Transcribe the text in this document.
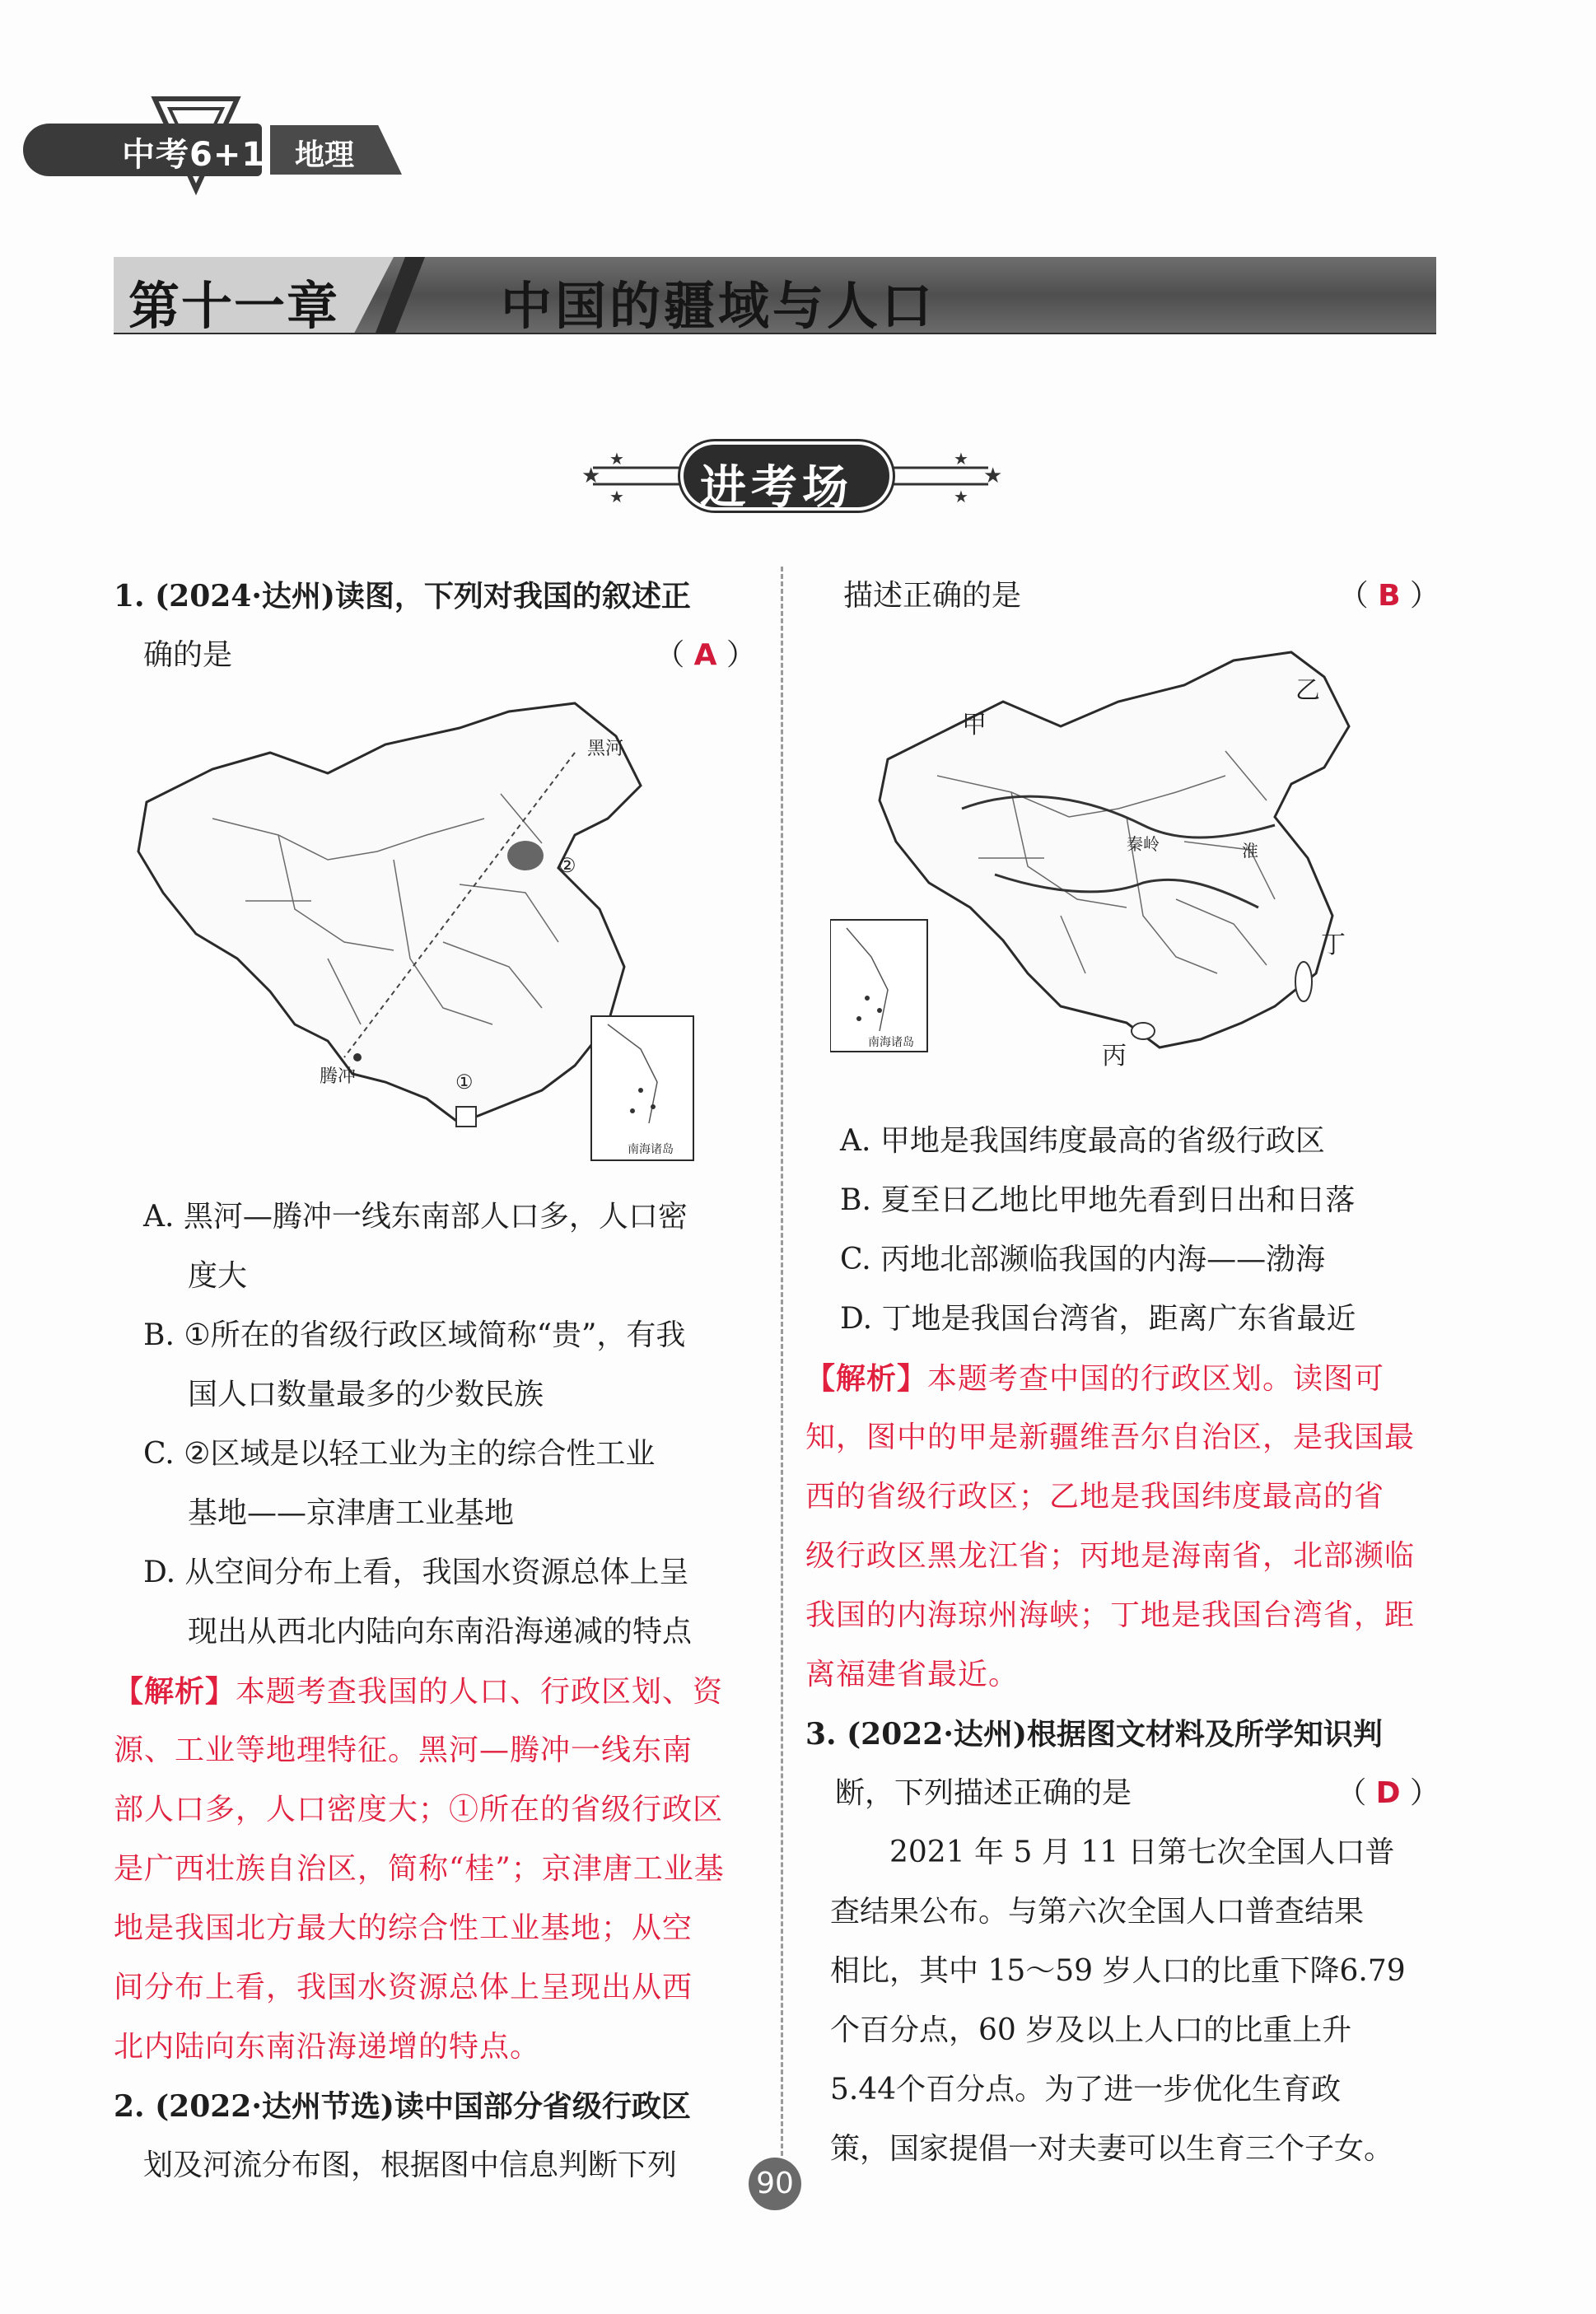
中考6+1 地理
第十一章	中国的疆域与人口
★
★
★
★
★
★
进考场
1. (2024·达州)读图，下列对我国的叙述正
确的是	（ A ）
黑河
腾冲	①
②
南海诸岛
A. 黑河—腾冲一线东南部人口多，人口密
度大
B. ①所在的省级行政区域简称“贵”，有我
国人口数量最多的少数民族
C. ②区域是以轻工业为主的综合性工业
基地——京津唐工业基地
D. 从空间分布上看，我国水资源总体上呈
现出从西北内陆向东南沿海递减的特点
【解析】本题考查我国的人口、行政区划、资
源、工业等地理特征。黑河—腾冲一线东南
部人口多，人口密度大；①所在的省级行政区
是广西壮族自治区，简称“桂”；京津唐工业基
地是我国北方最大的综合性工业基地；从空
间分布上看，我国水资源总体上呈现出从西
北内陆向东南沿海递增的特点。
2. (2022·达州节选)读中国部分省级行政区
划及河流分布图，根据图中信息判断下列
描述正确的是	（ B ）
甲
乙
丙
丁
秦岭	淮
南海诸岛
A. 甲地是我国纬度最高的省级行政区
B. 夏至日乙地比甲地先看到日出和日落
C. 丙地北部濒临我国的内海——渤海
D. 丁地是我国台湾省，距离广东省最近
【解析】本题考查中国的行政区划。读图可
知，图中的甲是新疆维吾尔自治区，是我国最
西的省级行政区；乙地是我国纬度最高的省
级行政区黑龙江省；丙地是海南省，北部濒临
我国的内海琼州海峡；丁地是我国台湾省，距
离福建省最近。
3. (2022·达州)根据图文材料及所学知识判
断，下列描述正确的是	（ D ）
2021 年 5 月 11 日第七次全国人口普
查结果公布。与第六次全国人口普查结果
相比，其中 15～59 岁人口的比重下降6.79
个百分点，60 岁及以上人口的比重上升
5.44个百分点。为了进一步优化生育政
策，国家提倡一对夫妻可以生育三个子女。
90
